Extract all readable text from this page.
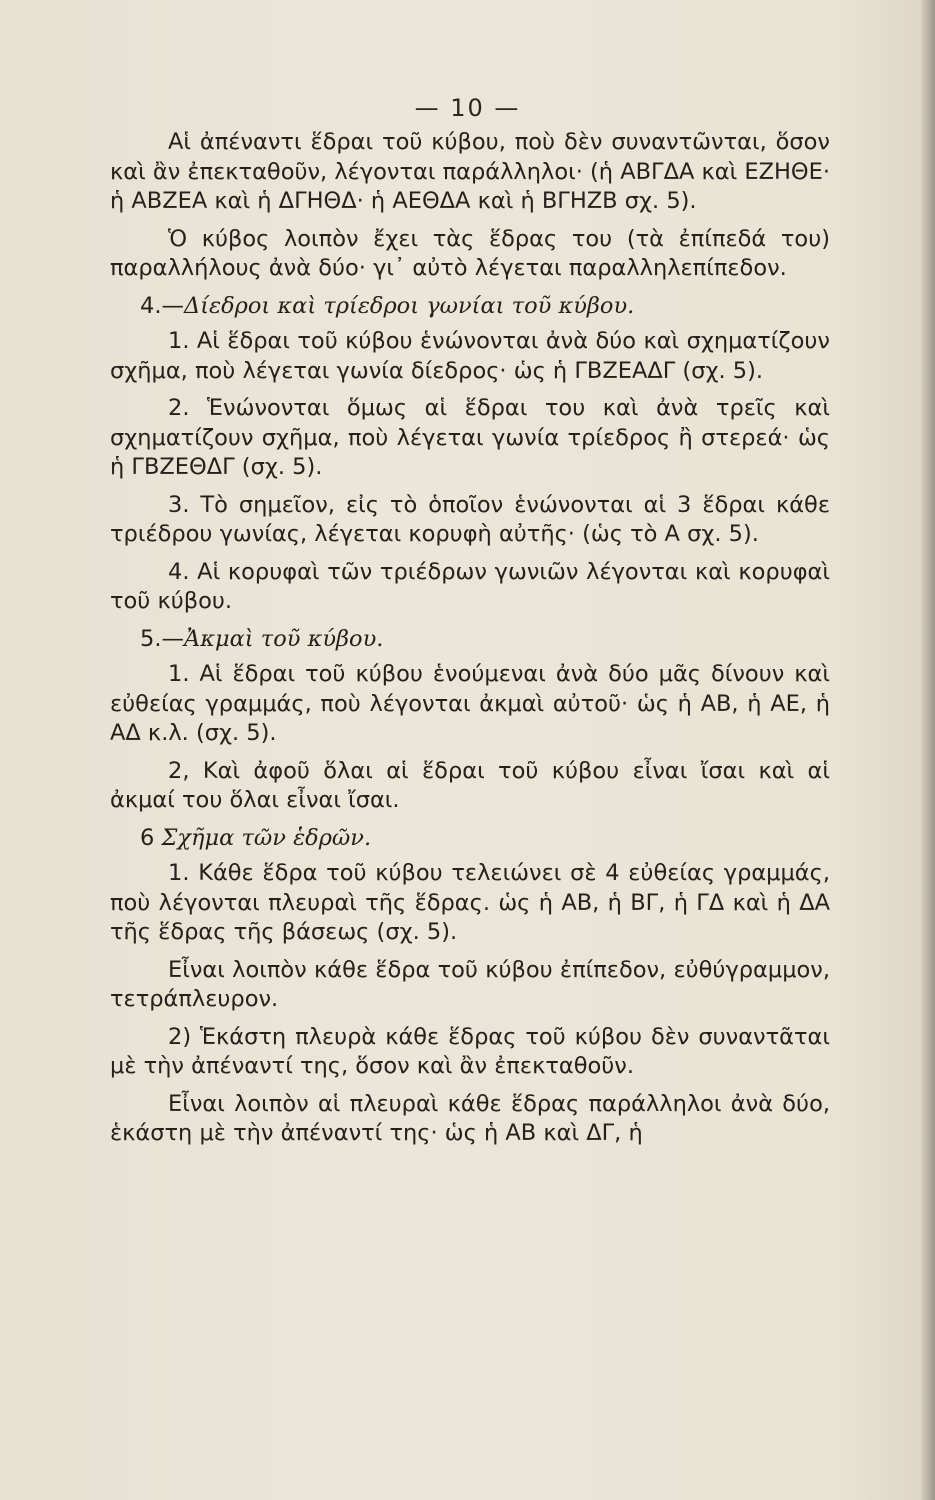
— 10 —

Αἱ ἀπέναντι ἕδραι τοῦ κύβου, ποὺ δὲν συναντῶνται, ὅσον καὶ ἂν ἐπεκταθοῦν, λέγονται παράλληλοι· (ἡ ΑΒΓΔΑ καὶ ΕΖΗΘΕ· ἡ ΑΒΖΕΑ καὶ ἡ ΔΓΗΘΔ· ἡ ΑΕΘΔΑ καὶ ἡ ΒΓΗΖΒ σχ. 5).

Ὁ κύβος λοιπὸν ἔχει τὰς ἕδρας του (τὰ ἐπίπεδά του) παραλλήλους ἀνὰ δύο· γι᾽ αὐτὸ λέγεται παραλληλεπίπεδον.

4.—Δίεδροι καὶ τρίεδροι γωνίαι τοῦ κύβου.

1. Αἱ ἕδραι τοῦ κύβου ἑνώνονται ἀνὰ δύο καὶ σχηματίζουν σχῆμα, ποὺ λέγεται γωνία δίεδρος· ὡς ἡ ΓΒΖΕΑΔΓ (σχ. 5).

2. Ἑνώνονται ὅμως αἱ ἕδραι του καὶ ἀνὰ τρεῖς καὶ σχηματίζουν σχῆμα, ποὺ λέγεται γωνία τρίεδρος ἢ στερεά· ὡς ἡ ΓΒΖΕΘΔΓ (σχ. 5).

3. Τὸ σημεῖον, εἰς τὸ ὁποῖον ἑνώνονται αἱ 3 ἕδραι κάθε τριέδρου γωνίας, λέγεται κορυφὴ αὐτῆς· (ὡς τὸ Α σχ. 5).

4. Αἱ κορυφαὶ τῶν τριέδρων γωνιῶν λέγονται καὶ κορυφαὶ τοῦ κύβου.

5.—Ἀκμαὶ τοῦ κύβου.

1. Αἱ ἕδραι τοῦ κύβου ἑνούμεναι ἀνὰ δύο μᾶς δίνουν καὶ εὐθείας γραμμάς, ποὺ λέγονται ἀκμαὶ αὐτοῦ· ὡς ἡ ΑΒ, ἡ ΑΕ, ἡ ΑΔ κ.λ. (σχ. 5).

2, Καὶ ἀφοῦ ὅλαι αἱ ἕδραι τοῦ κύβου εἶναι ἴσαι καὶ αἱ ἀκμαί του ὅλαι εἶναι ἴσαι.

6 Σχῆμα τῶν ἑδρῶν.

1. Κάθε ἕδρα τοῦ κύβου τελειώνει σὲ 4 εὐθείας γραμμάς, ποὺ λέγονται πλευραὶ τῆς ἕδρας. ὡς ἡ ΑΒ, ἡ ΒΓ, ἡ ΓΔ καὶ ἡ ΔΑ τῆς ἕδρας τῆς βάσεως (σχ. 5).

Εἶναι λοιπὸν κάθε ἕδρα τοῦ κύβου ἐπίπεδον, εὐθύγραμμον, τετράπλευρον.

2) Ἑκάστη πλευρὰ κάθε ἕδρας τοῦ κύβου δὲν συναντᾶται μὲ τὴν ἀπέναντί της, ὅσον καὶ ἂν ἐπεκταθοῦν.

Εἶναι λοιπὸν αἱ πλευραὶ κάθε ἕδρας παράλληλοι ἀνὰ δύο, ἑκάστη μὲ τὴν ἀπέναντί της· ὡς ἡ ΑΒ καὶ ΔΓ, ἡ
